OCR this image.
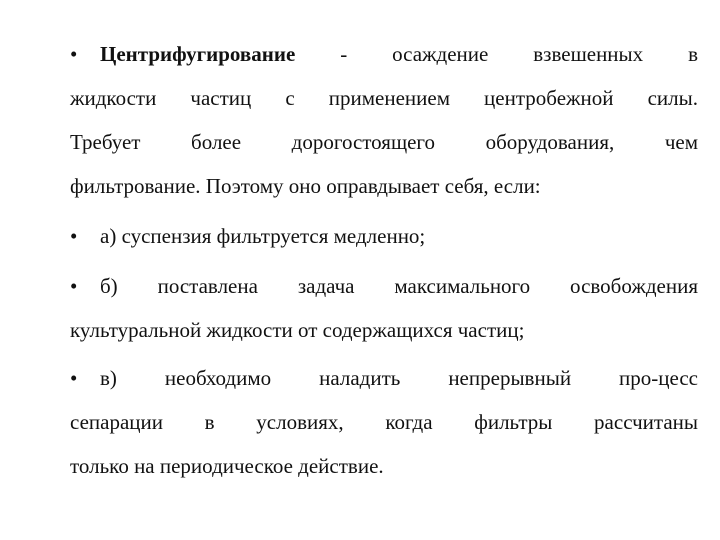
• Центрифугирование - осаждение взвешенных в
жидкости частиц с применением центробежной силы.
Требует более дорогостоящего оборудования, чем
фильтрование. Поэтому оно оправдывает себя, если:
• а) суспензия фильтруется медленно;
• б) поставлена задача максимального освобождения
культуральной жидкости от содержащихся частиц;
• в) необходимо наладить непрерывный про-цесс
сепарации в условиях, когда фильтры рассчитаны
только на периодическое действие.
